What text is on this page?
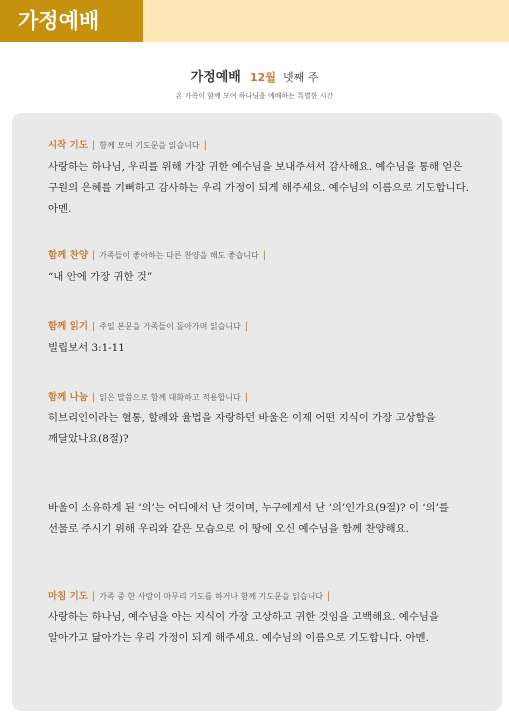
가정예배
가정예배 12월 넷째 주
온 가족이 함께 모여 하나님을 예배하는 특별한 시간
시작 기도 | 함께 모여 기도문을 읽습니다 |
사랑하는 하나님, 우리를 위해 가장 귀한 예수님을 보내주셔서 감사해요. 예수님을 통해 얻은 구원의 은혜를 기뻐하고 감사하는 우리 가정이 되게 해주세요. 예수님의 이름으로 기도합니다. 아멘.
함께 찬양 | 가족들이 좋아하는 다른 찬양을 해도 좋습니다 |
“내 안에 가장 귀한 것”
함께 읽기 | 주일 본문을 가족들이 돌아가며 읽습니다 |
빌립보서 3:1-11
함께 나눔 | 읽은 말씀으로 함께 대화하고 적용합니다 |
히브리인이라는 혈통, 할례와 율법을 자랑하던 바울은 이제 어떤 지식이 가장 고상함을 깨달았나요(8절)?
바울이 소유하게 된 ‘의’는 어디에서 난 것이며, 누구에게서 난 ‘의’인가요(9절)? 이 ‘의’를 선물로 주시기 위해 우리와 같은 모습으로 이 땅에 오신 예수님을 함께 찬양해요.
마침 기도 | 가족 중 한 사람이 마무리 기도를 하거나 함께 기도문을 읽습니다 |
사랑하는 하나님, 예수님을 아는 지식이 가장 고상하고 귀한 것임을 고백해요. 예수님을 알아가고 닮아가는 우리 가정이 되게 해주세요. 예수님의 이름으로 기도합니다. 아멘.
